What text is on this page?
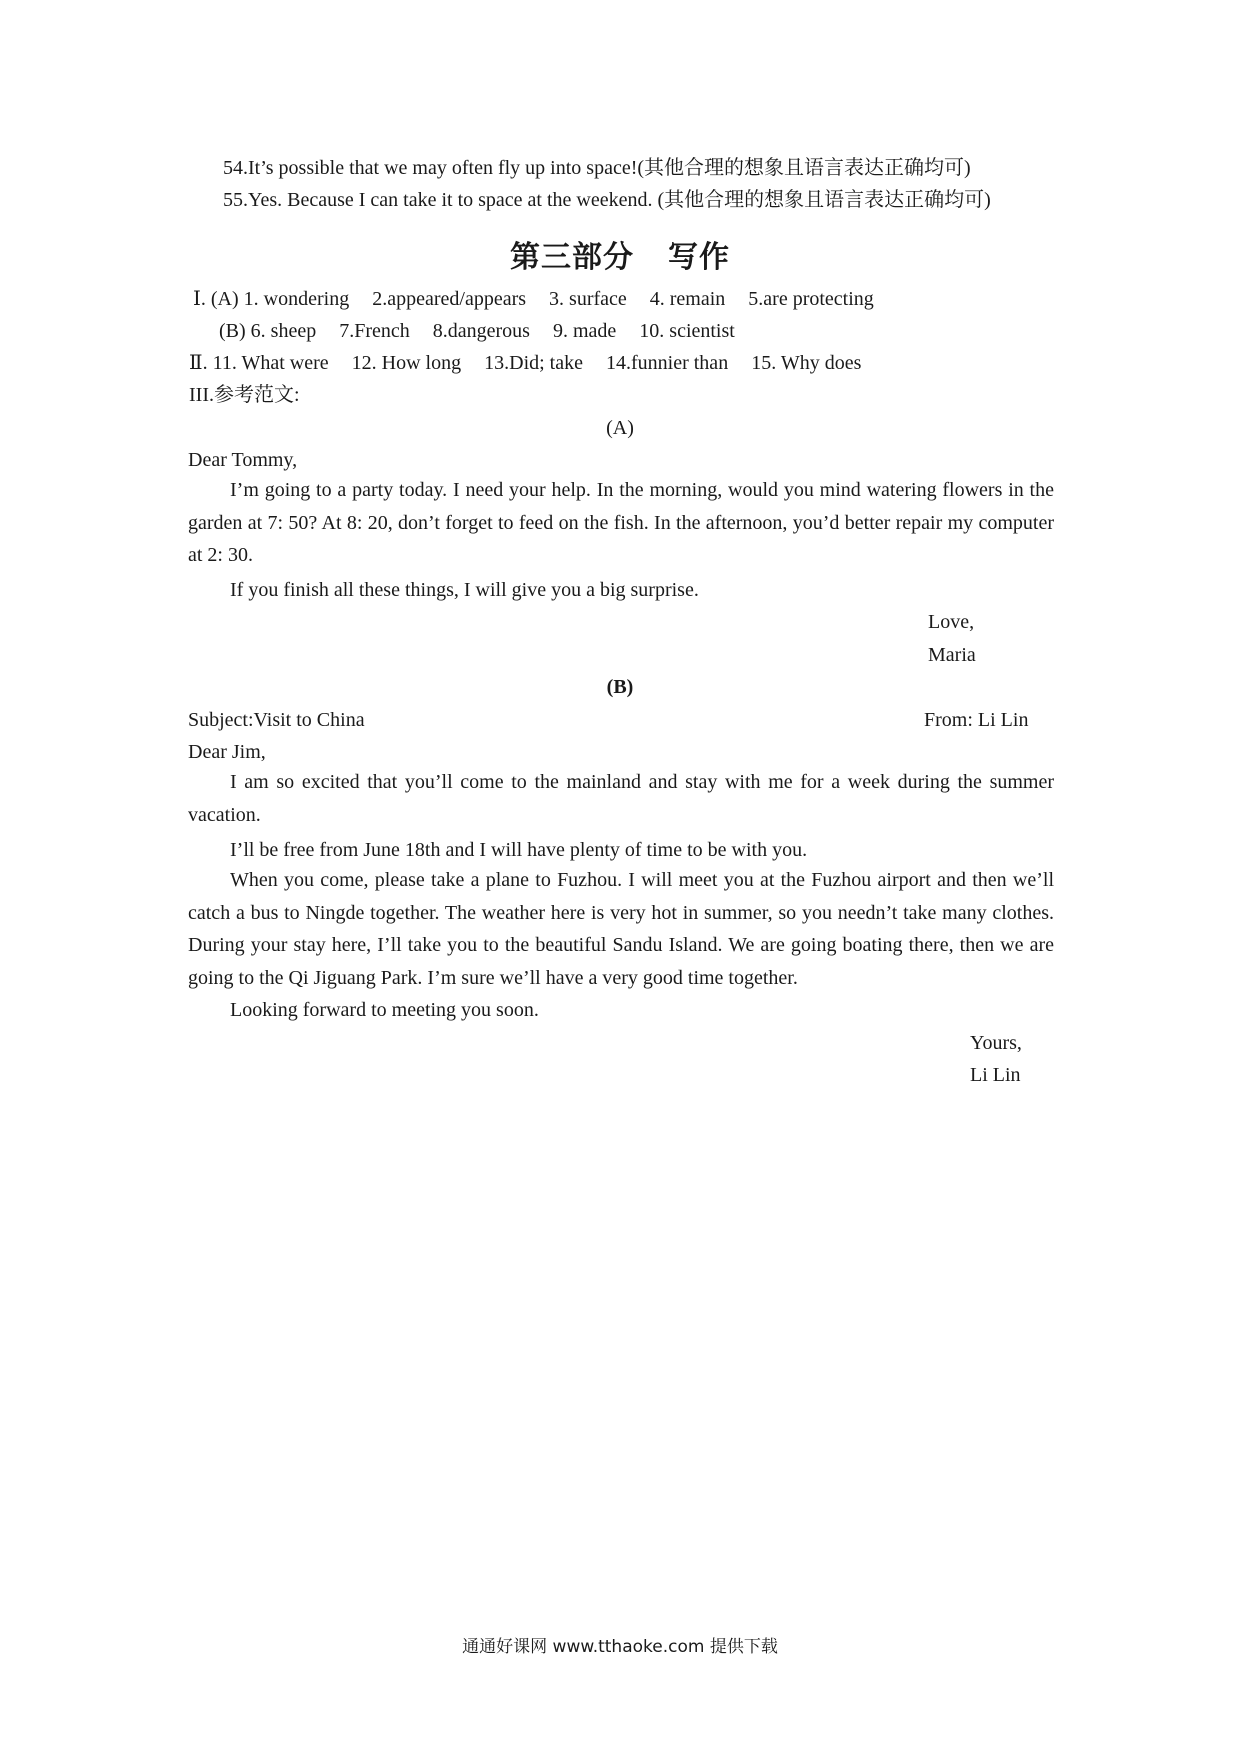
54.It’s possible that we may often fly up into space!(其他合理的想象且语言表达正确均可)
55.Yes. Because I can take it to space at the weekend. (其他合理的想象且语言表达正确均可)
第三部分 写作
Ⅰ. (A) 1. wondering 2.appeared/appears 3. surface 4. remain 5.are protecting
(B) 6. sheep 7.French 8.dangerous 9. made 10. scientist
Ⅱ. 11. What were 12. How long 13.Did; take 14.funnier than 15. Why does
III.参考范文:
(A)
Dear Tommy,
I’m going to a party today. I need your help. In the morning, would you mind watering flowers in the garden at 7: 50? At 8: 20, don’t forget to feed on the fish. In the afternoon, you’d better repair my computer at 2: 30.
If you finish all these things, I will give you a big surprise.
Love,
Maria
(B)
Subject:Visit to China	From: Li Lin
Dear Jim,
I am so excited that you’ll come to the mainland and stay with me for a week during the summer vacation.
I’ll be free from June 18th and I will have plenty of time to be with you.
When you come, please take a plane to Fuzhou. I will meet you at the Fuzhou airport and then we’ll catch a bus to Ningde together. The weather here is very hot in summer, so you needn’t take many clothes. During your stay here, I’ll take you to the beautiful Sandu Island. We are going boating there, then we are going to the Qi Jiguang Park. I’m sure we’ll have a very good time together.
Looking forward to meeting you soon.
Yours,
Li Lin
通通好课网 www.tthaoke.com 提供下载
